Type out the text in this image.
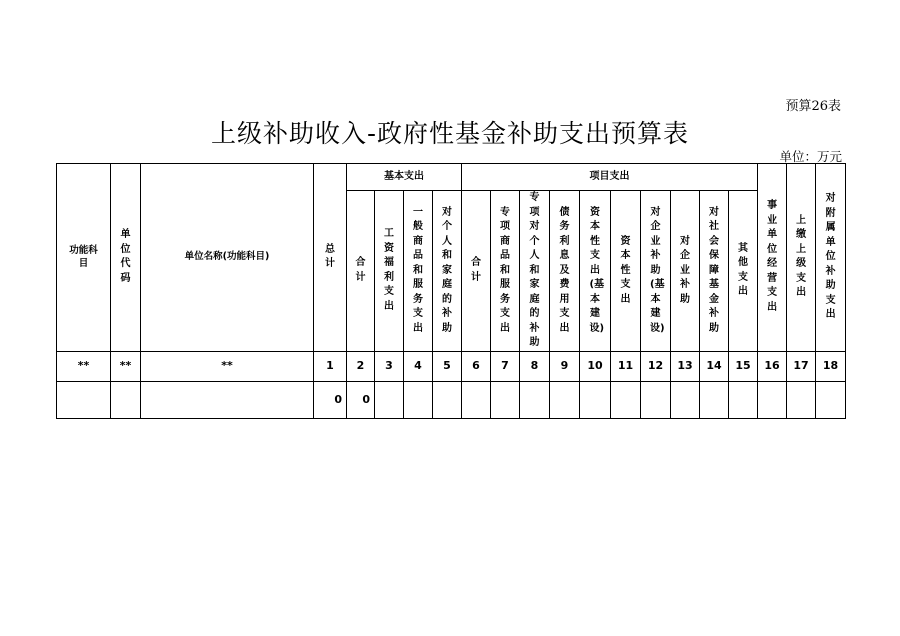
预算26表
上级补助收入-政府性基金补助支出预算表
单位：万元
功能科目	单位代码	单位名称(功能科目)	总计	基本支出				项目支出										事业单位经营支出	上缴上级支出	对附属单位补助支出
				合计	工资福利支出	一般商品和服务支出	对个人和家庭的补助	合计	专项商品和服务支出	专项对个人和家庭的补助	债务利息及费用支出	资本性支出(基本建设)	资本性支出	对企业补助(基本建设)	对企业补助	对社会保障基金补助	其他支出			
**	**	**	1	2	3	4	5	6	7	8	9	10	11	12	13	14	15	16	17	18
			0	0																
